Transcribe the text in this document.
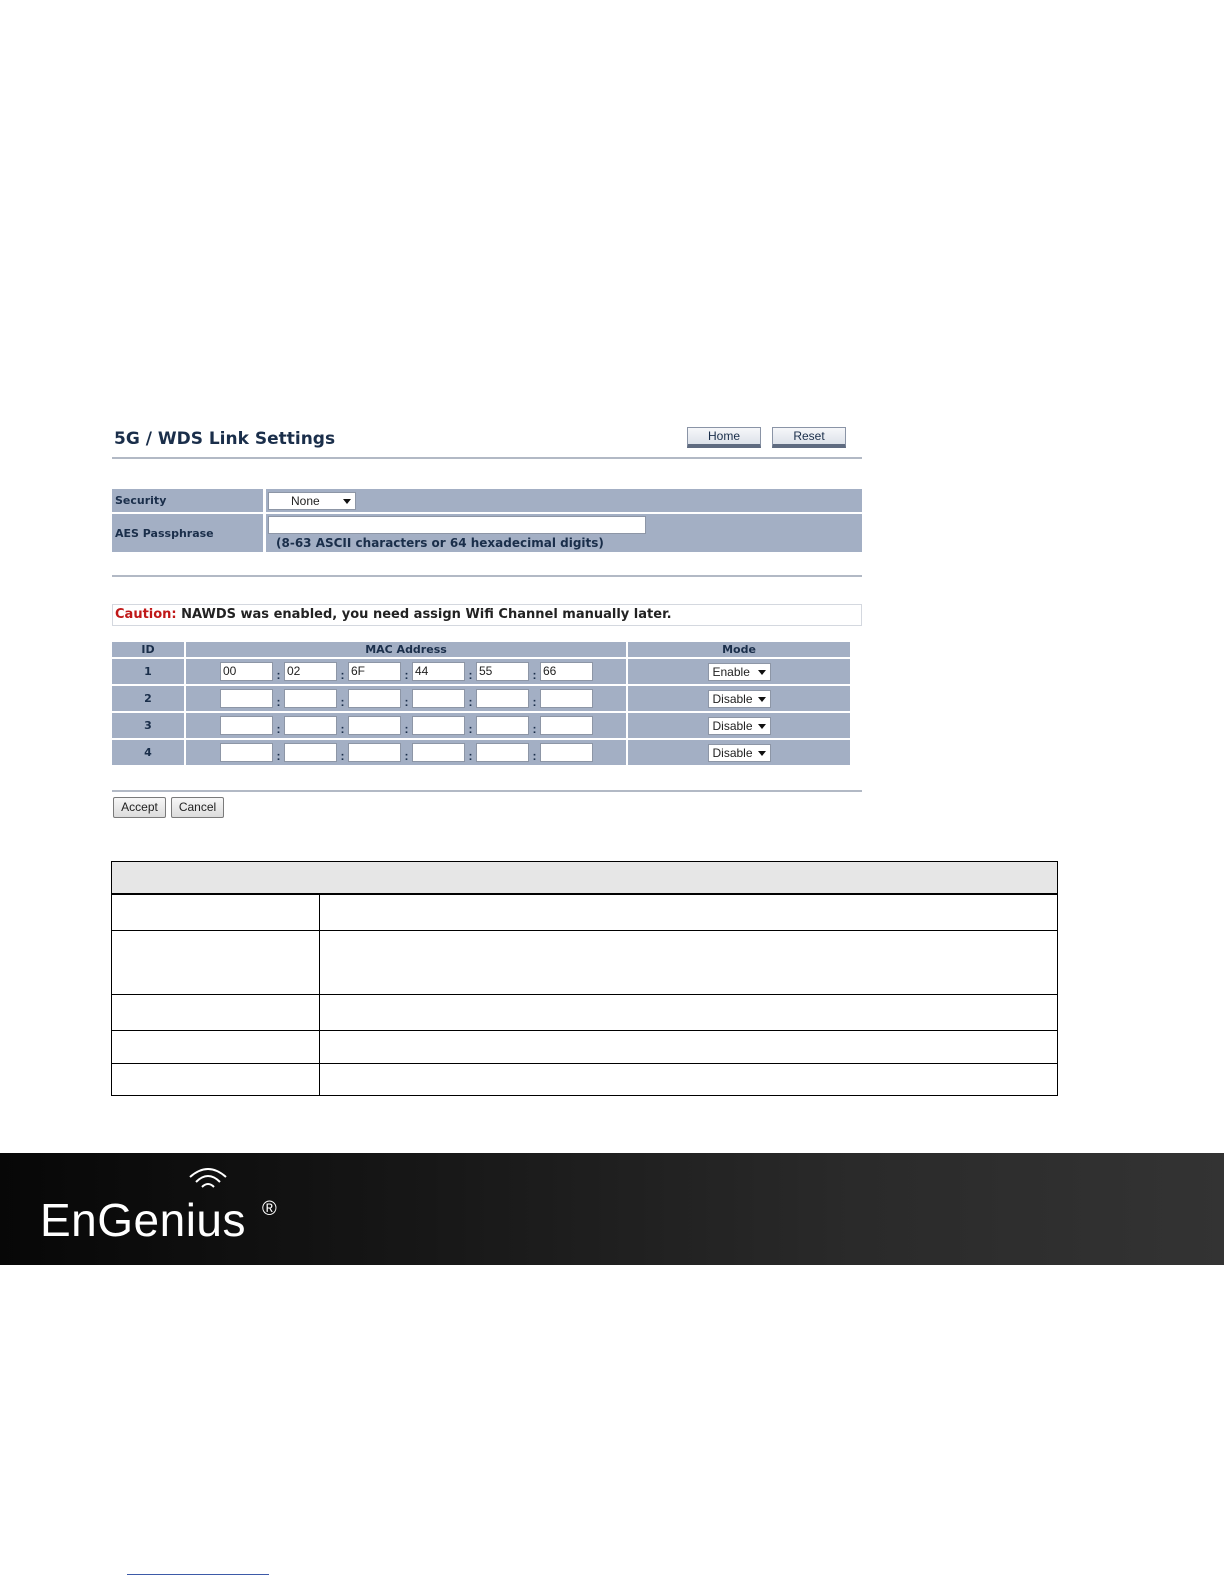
5G / WDS Link Settings	Home	Reset
Security	None
AES Passphrase	(8-63 ASCII characters or 64 hexadecimal digits)
Caution: NAWDS was enabled, you need assign Wifi Channel manually later.
ID	MAC Address	Mode
1	00 : 02 : 6F : 44 : 55 : 66	Enable
2	: : : : :	Disable
3	: : : : :	Disable
4	: : : : :	Disable
Accept	Cancel

EnGenius ®
